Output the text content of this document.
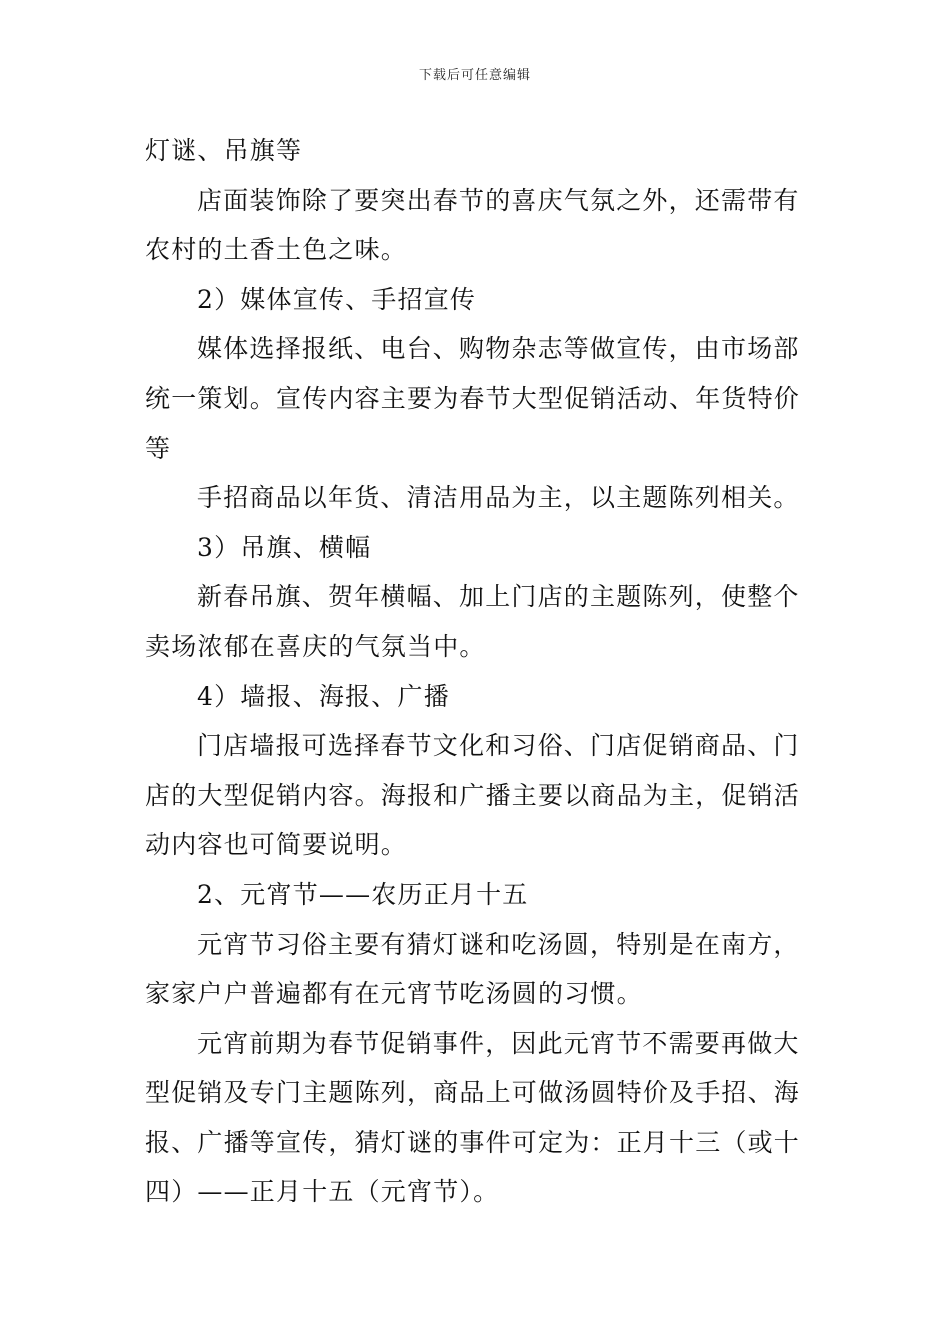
下载后可任意编辑
灯谜、吊旗等
店面装饰除了要突出春节的喜庆气氛之外，还需带有
农村的土香土色之味。
2）媒体宣传、手招宣传
媒体选择报纸、电台、购物杂志等做宣传，由市场部
统一策划。宣传内容主要为春节大型促销活动、年货特价
等
手招商品以年货、清洁用品为主，以主题陈列相关。
3）吊旗、横幅
新春吊旗、贺年横幅、加上门店的主题陈列，使整个
卖场浓郁在喜庆的气氛当中。
4）墙报、海报、广播
门店墙报可选择春节文化和习俗、门店促销商品、门
店的大型促销内容。海报和广播主要以商品为主，促销活
动内容也可简要说明。
2、元宵节——农历正月十五
元宵节习俗主要有猜灯谜和吃汤圆，特别是在南方，
家家户户普遍都有在元宵节吃汤圆的习惯。
元宵前期为春节促销事件，因此元宵节不需要再做大
型促销及专门主题陈列，商品上可做汤圆特价及手招、海
报、广播等宣传，猜灯谜的事件可定为：正月十三（或十
四）——正月十五（元宵节）。
